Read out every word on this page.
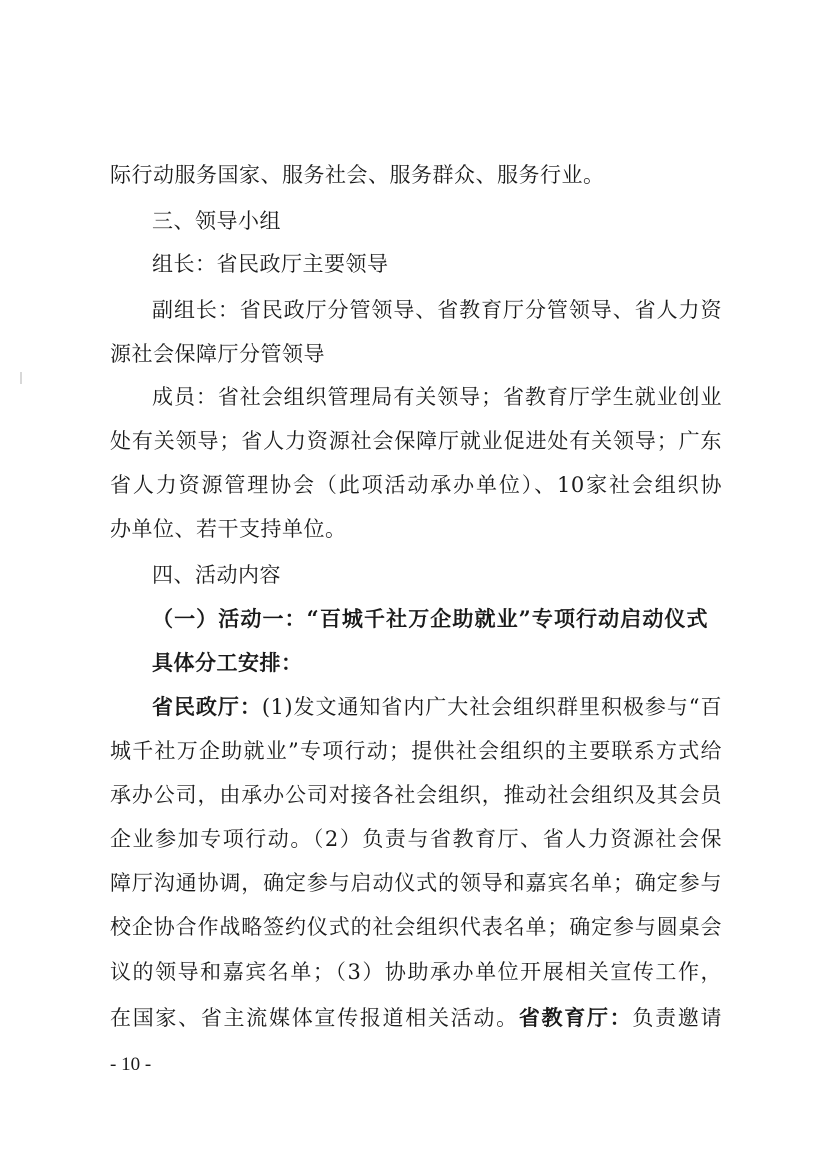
际行动服务国家、服务社会、服务群众、服务行业。
三、领导小组
组长：省民政厅主要领导
副组长：省民政厅分管领导、省教育厅分管领导、省人力资
源社会保障厅分管领导
成员：省社会组织管理局有关领导；省教育厅学生就业创业
处有关领导；省人力资源社会保障厅就业促进处有关领导；广东
省人力资源管理协会（此项活动承办单位）、10家社会组织协
办单位、若干支持单位。
四、活动内容
（一）活动一：“百城千社万企助就业”专项行动启动仪式
具体分工安排：
省民政厅：(1)发文通知省内广大社会组织群里积极参与“百
城千社万企助就业”专项行动；提供社会组织的主要联系方式给
承办公司，由承办公司对接各社会组织，推动社会组织及其会员
企业参加专项行动。（2）负责与省教育厅、省人力资源社会保
障厅沟通协调，确定参与启动仪式的领导和嘉宾名单；确定参与
校企协合作战略签约仪式的社会组织代表名单；确定参与圆桌会
议的领导和嘉宾名单；（3）协助承办单位开展相关宣传工作，
在国家、省主流媒体宣传报道相关活动。省教育厅：负责邀请
- 10 -
